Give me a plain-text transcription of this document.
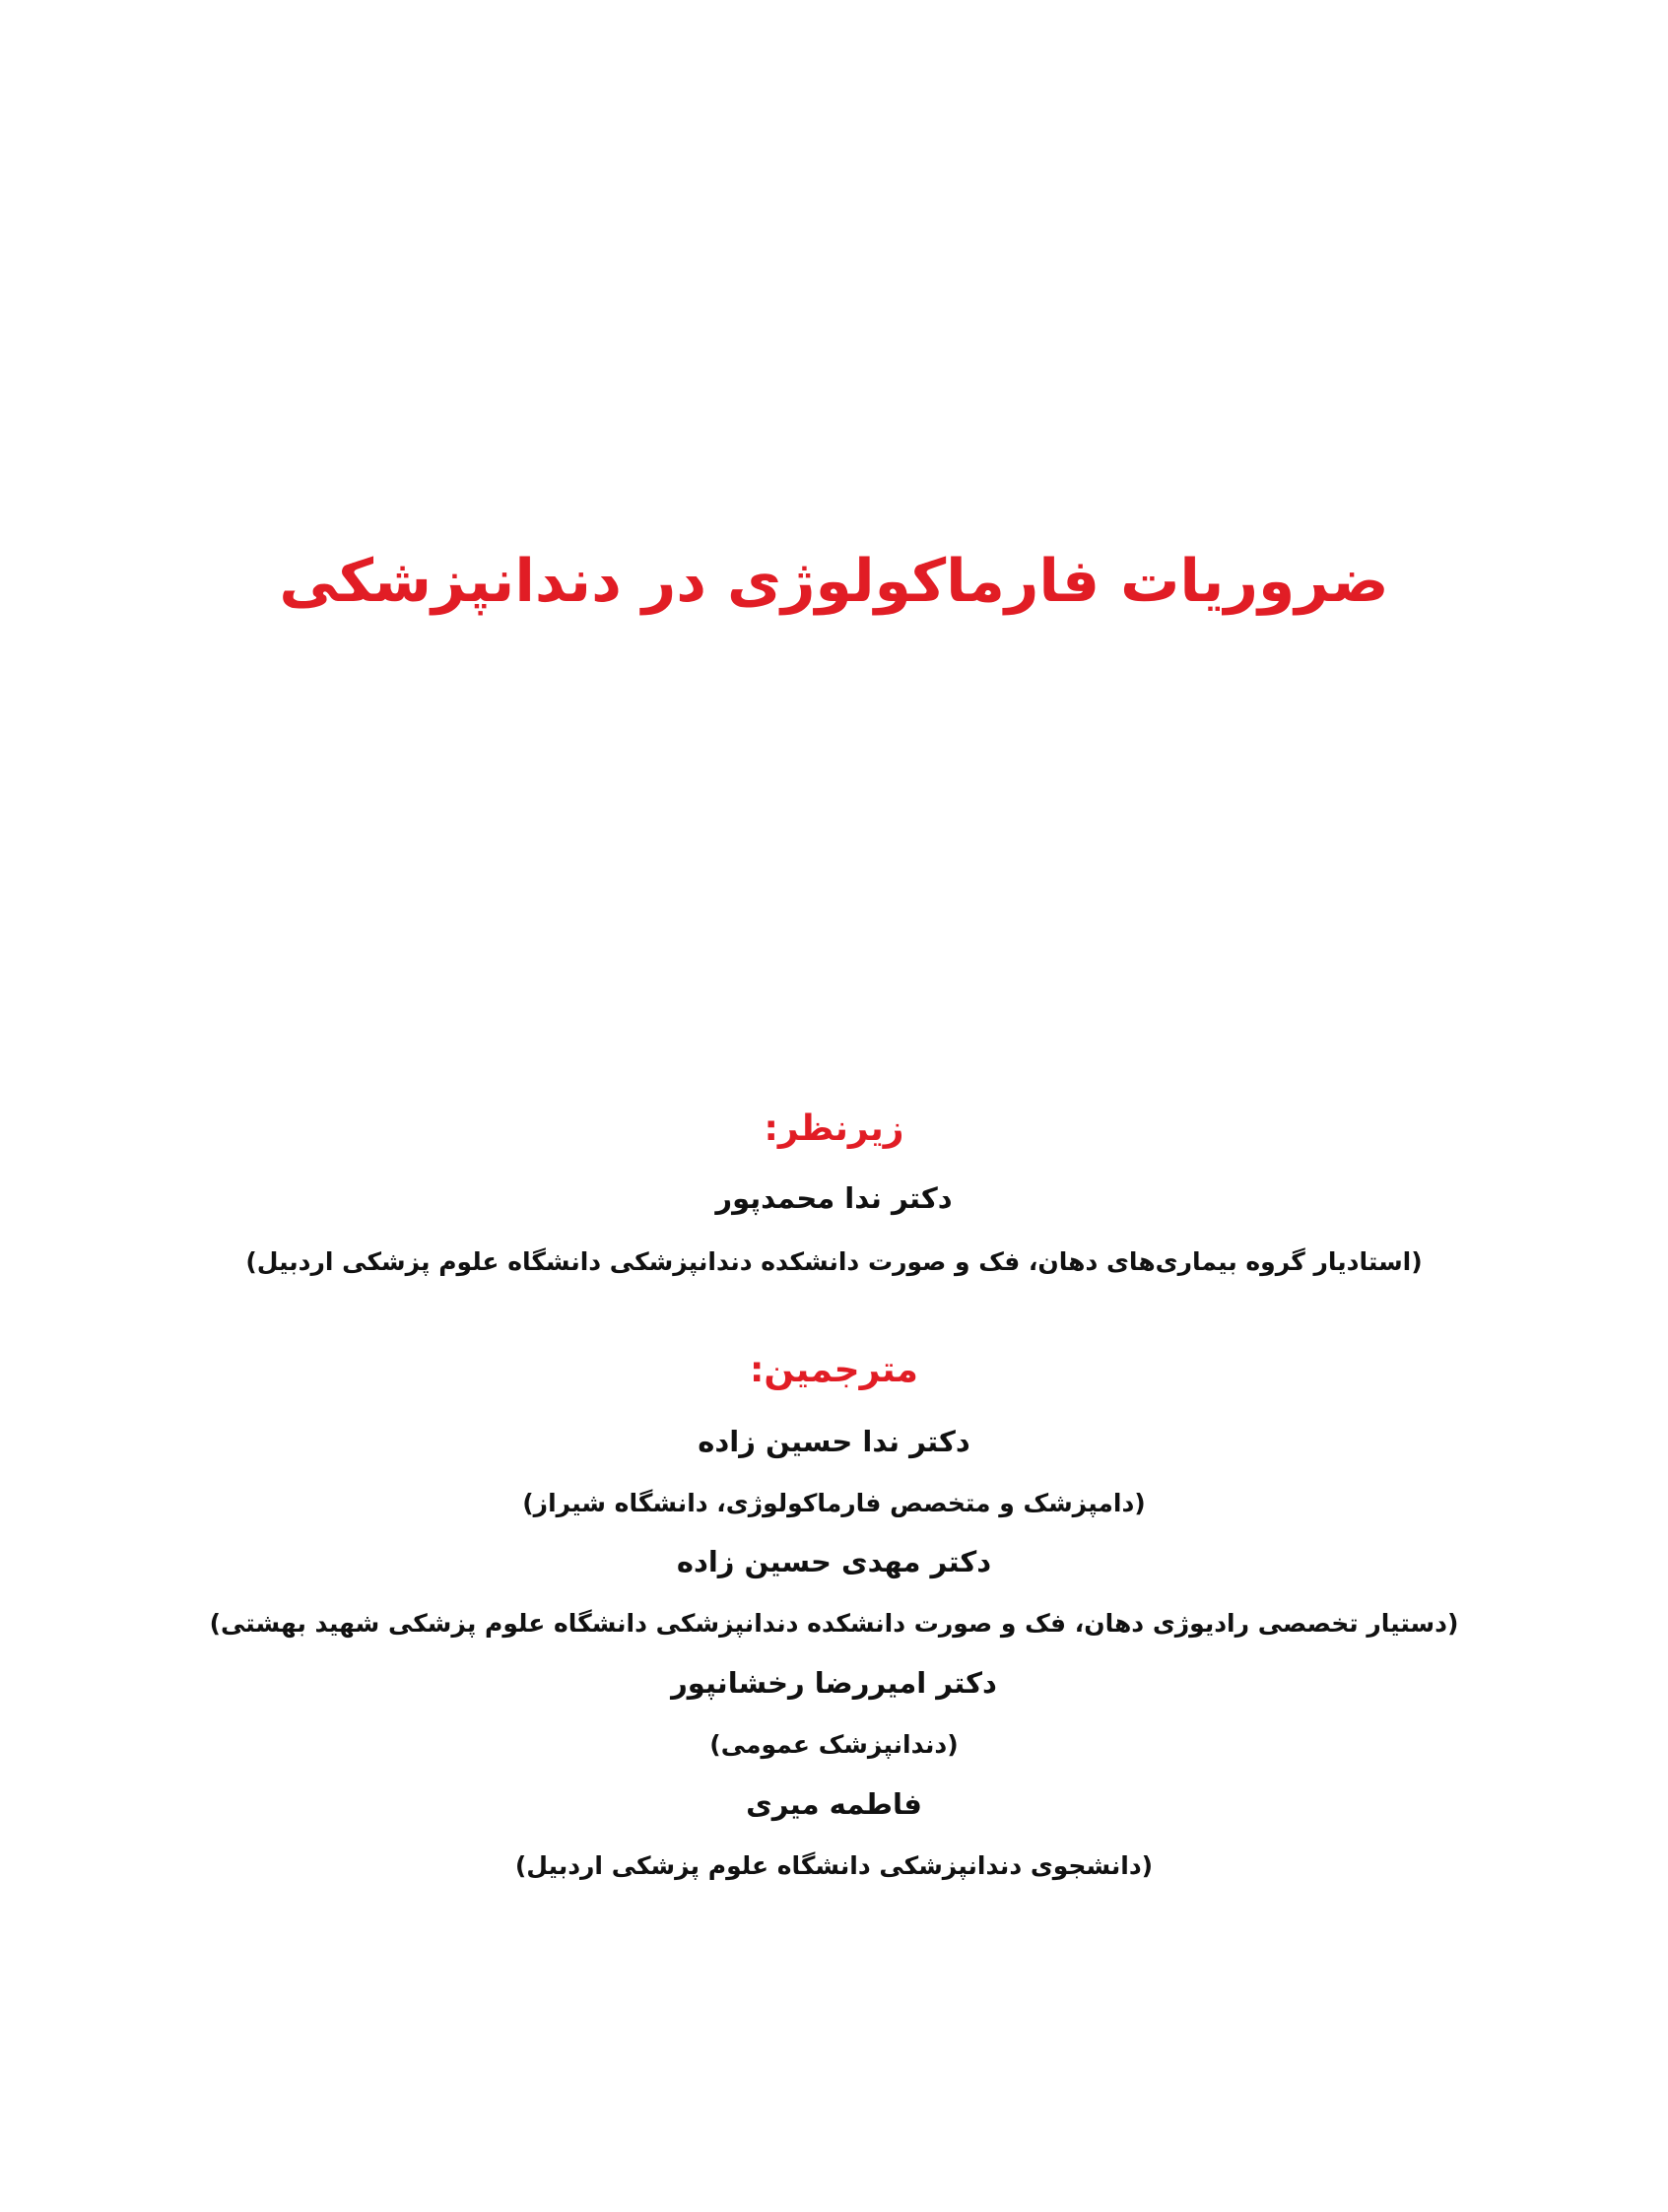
ضروریات فارماکولوژی در دندانپزشکی
زیرنظر:
دکتر ندا محمدپور
(استادیار گروه بیماری‌های دهان، فک و صورت دانشکده دندانپزشکی دانشگاه علوم پزشکی اردبیل)
مترجمین:
دکتر ندا حسین زاده
(دامپزشک و متخصص فارماکولوژی، دانشگاه شیراز)
دکتر مهدی حسین زاده
(دستیار تخصصی رادیوژی دهان، فک و صورت دانشکده دندانپزشکی دانشگاه علوم پزشکی شهید بهشتی)
دکتر امیررضا رخشانپور
(دندانپزشک عمومی)
فاطمه میری
(دانشجوی دندانپزشکی دانشگاه علوم پزشکی اردبیل)
